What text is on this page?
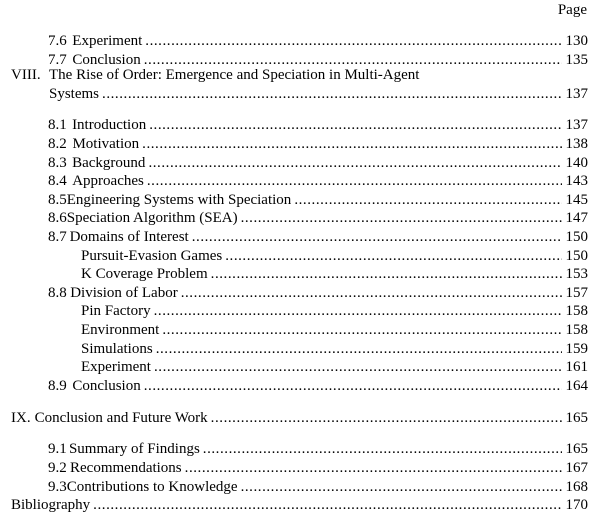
Page
7.6 Experiment . . .	130
7.7 Conclusion . . .	135
VIII. The Rise of Order: Emergence and Speciation in Multi-Agent
Systems . . .	137
8.1 Introduction . . .	137
8.2 Motivation . . .	138
8.3 Background . . .	140
8.4 Approaches . . .	143
8.5 Engineering Systems with Speciation . . .	145
8.6 Speciation Algorithm (SEA) . . .	147
8.7 Domains of Interest . . .	150
Pursuit-Evasion Games . . .	150
K Coverage Problem . . .	153
8.8 Division of Labor . . .	157
Pin Factory . . .	158
Environment . . .	158
Simulations . . .	159
Experiment . . .	161
8.9 Conclusion . . .	164
IX. Conclusion and Future Work . . .	165
9.1 Summary of Findings . . .	165
9.2 Recommendations . . .	167
9.3 Contributions to Knowledge . . .	168
Bibliography . . .	170
